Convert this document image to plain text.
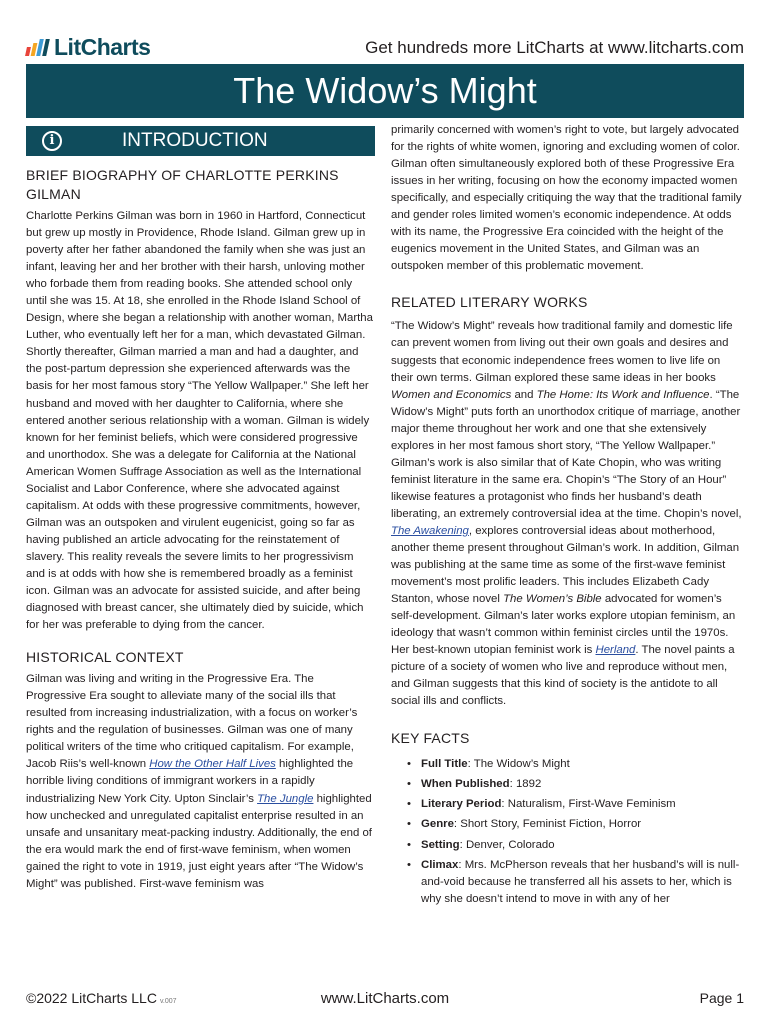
LitCharts	Get hundreds more LitCharts at www.litcharts.com
The Widow’s Might
i	INTRODUCTION
BRIEF BIOGRAPHY OF CHARLOTTE PERKINS GILMAN

Charlotte Perkins Gilman was born in 1960 in Hartford, Connecticut but grew up mostly in Providence, Rhode Island. Gilman grew up in poverty after her father abandoned the family when she was just an infant, leaving her and her brother with their harsh, unloving mother who forbade them from reading books. She attended school only until she was 15. At 18, she enrolled in the Rhode Island School of Design, where she began a relationship with another woman, Martha Luther, who eventually left her for a man, which devastated Gilman. Shortly thereafter, Gilman married a man and had a daughter, and the post-partum depression she experienced afterwards was the basis for her most famous story “The Yellow Wallpaper.” She left her husband and moved with her daughter to California, where she entered another serious relationship with a woman. Gilman is widely known for her feminist beliefs, which were considered progressive and unorthodox. She was a delegate for California at the National American Women Suffrage Association as well as the International Socialist and Labor Conference, where she advocated against capitalism. At odds with these progressive commitments, however, Gilman was an outspoken and virulent eugenicist, going so far as having published an article advocating for the reinstatement of slavery. This reality reveals the severe limits to her progressivism and is at odds with how she is remembered broadly as a feminist icon. Gilman was an advocate for assisted suicide, and after being diagnosed with breast cancer, she ultimately died by suicide, which for her was preferable to dying from the cancer.

HISTORICAL CONTEXT

Gilman was living and writing in the Progressive Era. The Progressive Era sought to alleviate many of the social ills that resulted from increasing industrialization, with a focus on worker’s rights and the regulation of businesses. Gilman was one of many political writers of the time who critiqued capitalism. For example, Jacob Riis’s well-known How the Other Half Lives highlighted the horrible living conditions of immigrant workers in a rapidly industrializing New York City. Upton Sinclair’s The Jungle highlighted how unchecked and unregulated capitalist enterprise resulted in an unsafe and unsanitary meat-packing industry. Additionally, the end of the era would mark the end of first-wave feminism, when women gained the right to vote in 1919, just eight years after “The Widow’s Might” was published. First-wave feminism was

primarily concerned with women’s right to vote, but largely advocated for the rights of white women, ignoring and excluding women of color. Gilman often simultaneously explored both of these Progressive Era issues in her writing, focusing on how the economy impacted women specifically, and especially critiquing the way that the traditional family and gender roles limited women’s economic independence. At odds with its name, the Progressive Era coincided with the height of the eugenics movement in the United States, and Gilman was an outspoken member of this problematic movement.

RELATED LITERARY WORKS

“The Widow’s Might” reveals how traditional family and domestic life can prevent women from living out their own goals and desires and suggests that economic independence frees women to live life on their own terms. Gilman explored these same ideas in her books Women and Economics and The Home: Its Work and Influence. “The Widow’s Might” puts forth an unorthodox critique of marriage, another major theme throughout her work and one that she extensively explores in her most famous short story, “The Yellow Wallpaper.” Gilman’s work is also similar that of Kate Chopin, who was writing feminist literature in the same era. Chopin’s “The Story of an Hour” likewise features a protagonist who finds her husband’s death liberating, an extremely controversial idea at the time. Chopin’s novel, The Awakening, explores controversial ideas about motherhood, another theme present throughout Gilman’s work. In addition, Gilman was publishing at the same time as some of the first-wave feminist movement’s most prolific leaders. This includes Elizabeth Cady Stanton, whose novel The Women’s Bible advocated for women’s self-development. Gilman’s later works explore utopian feminism, an ideology that wasn’t common within feminist circles until the 1970s. Her best-known utopian feminist work is Herland. The novel paints a picture of a society of women who live and reproduce without men, and Gilman suggests that this kind of society is the antidote to all social ills and conflicts.

KEY FACTS
• Full Title: The Widow’s Might
• When Published: 1892
• Literary Period: Naturalism, First-Wave Feminism
• Genre: Short Story, Feminist Fiction, Horror
• Setting: Denver, Colorado
• Climax: Mrs. McPherson reveals that her husband’s will is null-and-void because he transferred all his assets to her, which is why she doesn’t intend to move in with any of her
©2022 LitCharts LLC v.007	www.LitCharts.com	Page 1
